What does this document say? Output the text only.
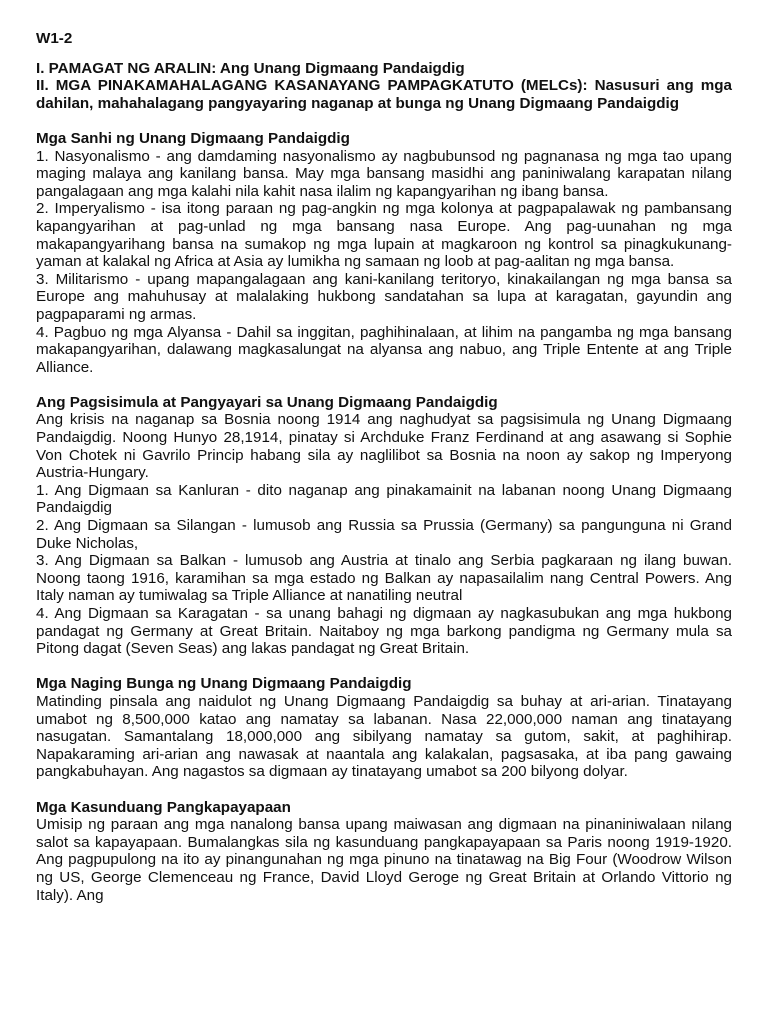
W1-2

I. PAMAGAT NG ARALIN: Ang Unang Digmaang Pandaigdig

II. MGA PINAKAMAHALAGANG KASANAYANG PAMPAGKATUTO (MELCs): Nasusuri ang mga dahilan, mahahalagang pangyayaring naganap at bunga ng Unang Digmaang Pandaigdig

Mga Sanhi ng Unang Digmaang Pandaigdig

1. Nasyonalismo - ang damdaming nasyonalismo ay nagbubunsod ng pagnanasa ng mga tao upang maging malaya ang kanilang bansa. May mga bansang masidhi ang paniniwalang karapatan nilang pangalagaan ang mga kalahi nila kahit nasa ilalim ng kapangyarihan ng ibang bansa.

2. Imperyalismo - isa itong paraan ng pag-angkin ng mga kolonya at pagpapalawak ng pambansang kapangyarihan at pag-unlad ng mga bansang nasa Europe. Ang pag-uunahan ng mga makapangyarihang bansa na sumakop ng mga lupain at magkaroon ng kontrol sa pinagkukunang-yaman at kalakal ng Africa at Asia ay lumikha ng samaan ng loob at pag-aalitan ng mga bansa.

3. Militarismo - upang mapangalagaan ang kani-kanilang teritoryo, kinakailangan ng mga bansa sa Europe ang mahuhusay at malalaking hukbong sandatahan sa lupa at karagatan, gayundin ang pagpaparami ng armas.

4. Pagbuo ng mga Alyansa - Dahil sa inggitan, paghihinalaan, at lihim na pangamba ng mga bansang makapangyarihan, dalawang magkasalungat na alyansa ang nabuo, ang Triple Entente at ang Triple Alliance.

Ang Pagsisimula at Pangyayari sa Unang Digmaang Pandaigdig

Ang krisis na naganap sa Bosnia noong 1914 ang naghudyat sa pagsisimula ng Unang Digmaang Pandaigdig. Noong Hunyo 28,1914, pinatay si Archduke Franz Ferdinand at ang asawang si Sophie Von Chotek ni Gavrilo Princip habang sila ay naglilibot sa Bosnia na noon ay sakop ng Imperyong Austria-Hungary.

1. Ang Digmaan sa Kanluran - dito naganap ang pinakamainit na labanan noong Unang Digmaang Pandaigdig

2. Ang Digmaan sa Silangan - lumusob ang Russia sa Prussia (Germany) sa pangunguna ni Grand Duke Nicholas,

3. Ang Digmaan sa Balkan - lumusob ang Austria at tinalo ang Serbia pagkaraan ng ilang buwan. Noong taong 1916, karamihan sa mga estado ng Balkan ay napasailalim nang Central Powers. Ang Italy naman ay tumiwalag sa Triple Alliance at nanatiling neutral

4. Ang Digmaan sa Karagatan - sa unang bahagi ng digmaan ay nagkasubukan ang mga hukbong pandagat ng Germany at Great Britain. Naitaboy ng mga barkong pandigma ng Germany mula sa Pitong dagat (Seven Seas) ang lakas pandagat ng Great Britain.

Mga Naging Bunga ng Unang Digmaang Pandaigdig

Matinding pinsala ang naidulot ng Unang Digmaang Pandaigdig sa buhay at ari-arian. Tinatayang umabot ng 8,500,000 katao ang namatay sa labanan. Nasa 22,000,000 naman ang tinatayang nasugatan. Samantalang 18,000,000 ang sibilyang namatay sa gutom, sakit, at paghihirap. Napakaraming ari-arian ang nawasak at naantala ang kalakalan, pagsasaka, at iba pang gawaing pangkabuhayan. Ang nagastos sa digmaan ay tinatayang umabot sa 200 bilyong dolyar.

Mga Kasunduang Pangkapayapaan

Umisip ng paraan ang mga nanalong bansa upang maiwasan ang digmaan na pinaniniwalaan nilang salot sa kapayapaan. Bumalangkas sila ng kasunduang pangkapayapaan sa Paris noong 1919-1920. Ang pagpupulong na ito ay pinangunahan ng mga pinuno na tinatawag na Big Four (Woodrow Wilson ng US, George Clemenceau ng France, David Lloyd Geroge ng Great Britain at Orlando Vittorio ng Italy). Ang
